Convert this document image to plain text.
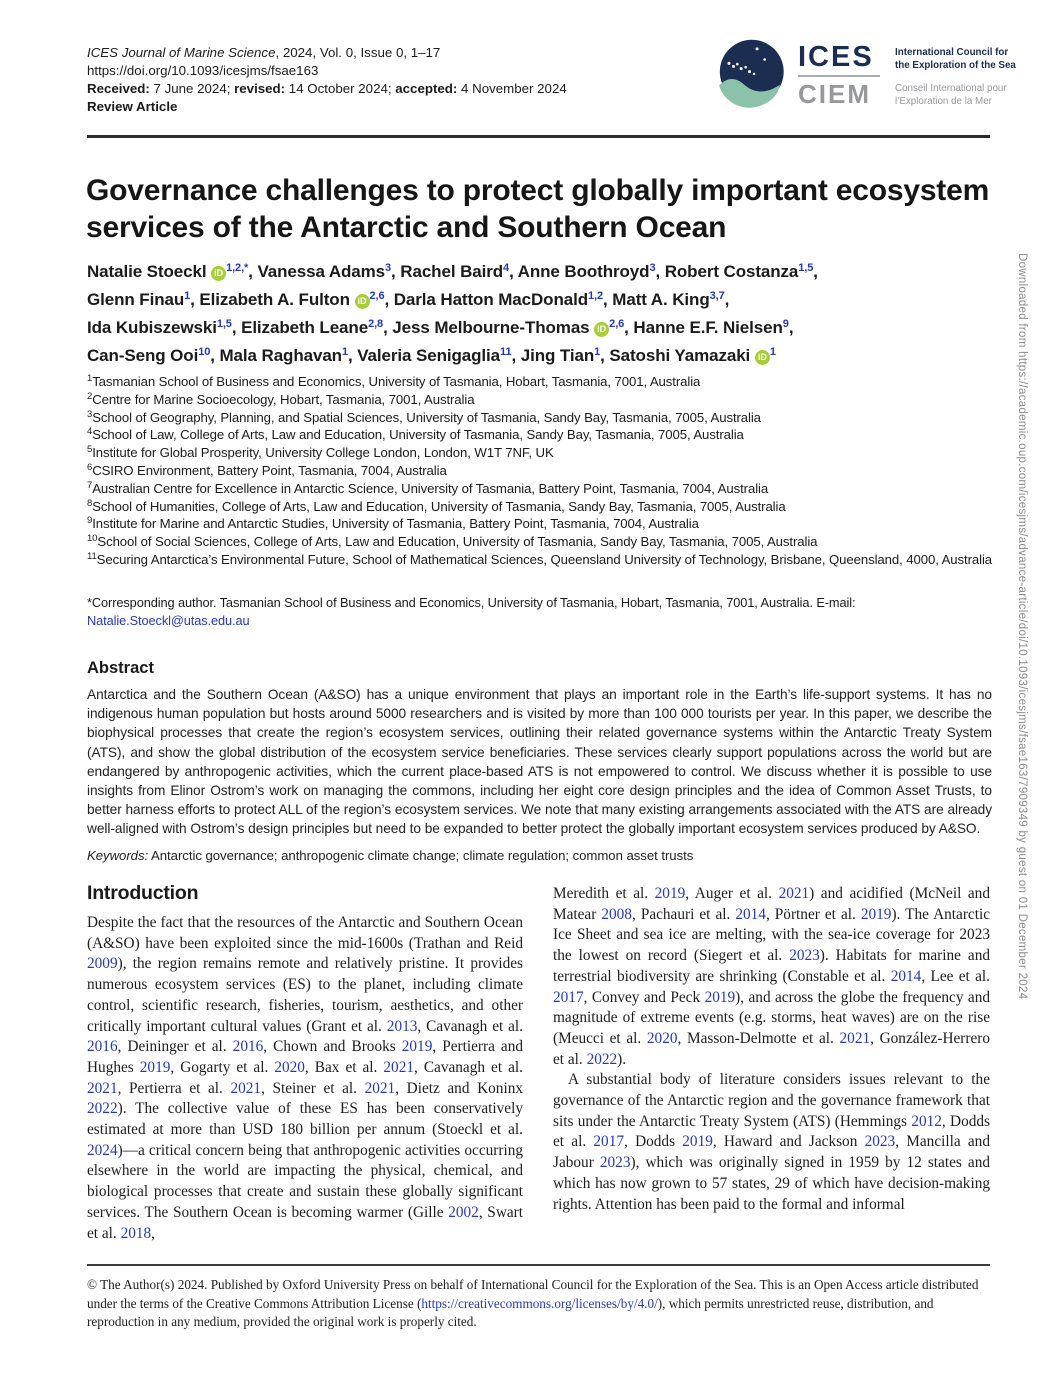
Downloaded from https://academic.oup.com/icesjms/advance-article/doi/10.1093/icesjms/fsae163/7909349 by guest on 01 December 2024
ICES Journal of Marine Science, 2024, Vol. 0, Issue 0, 1–17
https://doi.org/10.1093/icesjms/fsae163
Received: 7 June 2024; revised: 14 October 2024; accepted: 4 November 2024
Review Article
ICES
CIEM
International Council for
the Exploration of the Sea
Conseil International pour
l’Exploration de la Mer
Governance challenges to protect globally important ecosystem services of the Antarctic and Southern Ocean
Natalie Stoeckl iD $^{1,2,*}$, Vanessa Adams$^3$, Rachel Baird$^4$, Anne Boothroyd$^3$, Robert Costanza$^{1,5}$,
Glenn Finau$^1$, Elizabeth A. Fulton iD $^{2,6}$, Darla Hatton MacDonald$^{1,2}$, Matt A. King$^{3,7}$,
Ida Kubiszewski$^{1,5}$, Elizabeth Leane$^{2,8}$, Jess Melbourne-Thomas iD $^{2,6}$, Hanne E.F. Nielsen$^9$,
Can-Seng Ooi$^{10}$, Mala Raghavan$^1$, Valeria Senigaglia$^{11}$, Jing Tian$^1$, Satoshi Yamazaki iD $^1$
$^1$Tasmanian School of Business and Economics, University of Tasmania, Hobart, Tasmania, 7001, Australia
$^2$Centre for Marine Socioecology, Hobart, Tasmania, 7001, Australia
$^3$School of Geography, Planning, and Spatial Sciences, University of Tasmania, Sandy Bay, Tasmania, 7005, Australia
$^4$School of Law, College of Arts, Law and Education, University of Tasmania, Sandy Bay, Tasmania, 7005, Australia
$^5$Institute for Global Prosperity, University College London, London, W1T 7NF, UK
$^6$CSIRO Environment, Battery Point, Tasmania, 7004, Australia
$^7$Australian Centre for Excellence in Antarctic Science, University of Tasmania, Battery Point, Tasmania, 7004, Australia
$^8$School of Humanities, College of Arts, Law and Education, University of Tasmania, Sandy Bay, Tasmania, 7005, Australia
$^9$Institute for Marine and Antarctic Studies, University of Tasmania, Battery Point, Tasmania, 7004, Australia
$^{10}$School of Social Sciences, College of Arts, Law and Education, University of Tasmania, Sandy Bay, Tasmania, 7005, Australia
$^{11}$Securing Antarctica’s Environmental Future, School of Mathematical Sciences, Queensland University of Technology, Brisbane, Queensland, 4000, Australia
*Corresponding author. Tasmanian School of Business and Economics, University of Tasmania, Hobart, Tasmania, 7001, Australia. E-mail: Natalie.Stoeckl@utas.edu.au
Abstract

Antarctica and the Southern Ocean (A&SO) has a unique environment that plays an important role in the Earth’s life-support systems. It has no indigenous human population but hosts around 5000 researchers and is visited by more than 100 000 tourists per year. In this paper, we describe the biophysical processes that create the region’s ecosystem services, outlining their related governance systems within the Antarctic Treaty System (ATS), and show the global distribution of the ecosystem service beneficiaries. These services clearly support populations across the world but are endangered by anthropogenic activities, which the current place-based ATS is not empowered to control. We discuss whether it is possible to use insights from Elinor Ostrom’s work on managing the commons, including her eight core design principles and the idea of Common Asset Trusts, to better harness efforts to protect ALL of the region’s ecosystem services. We note that many existing arrangements associated with the ATS are already well-aligned with Ostrom’s design principles but need to be expanded to better protect the globally important ecosystem services produced by A&SO.

Keywords: Antarctic governance; anthropogenic climate change; climate regulation; common asset trusts

Introduction

Despite the fact that the resources of the Antarctic and Southern Ocean (A&SO) have been exploited since the mid-1600s (Trathan and Reid 2009), the region remains remote and relatively pristine. It provides numerous ecosystem services (ES) to the planet, including climate control, scientific research, fisheries, tourism, aesthetics, and other critically important cultural values (Grant et al. 2013, Cavanagh et al. 2016, Deininger et al. 2016, Chown and Brooks 2019, Pertierra and Hughes 2019, Gogarty et al. 2020, Bax et al. 2021, Cavanagh et al. 2021, Pertierra et al. 2021, Steiner et al. 2021, Dietz and Koninx 2022). The collective value of these ES has been conservatively estimated at more than USD 180 billion per annum (Stoeckl et al. 2024)—a critical concern being that anthropogenic activities occurring elsewhere in the world are impacting the physical, chemical, and biological processes that create and sustain these globally significant services. The Southern Ocean is becoming warmer (Gille 2002, Swart et al. 2018,

Meredith et al. 2019, Auger et al. 2021) and acidified (McNeil and Matear 2008, Pachauri et al. 2014, Pörtner et al. 2019). The Antarctic Ice Sheet and sea ice are melting, with the sea-ice coverage for 2023 the lowest on record (Siegert et al. 2023). Habitats for marine and terrestrial biodiversity are shrinking (Constable et al. 2014, Lee et al. 2017, Convey and Peck 2019), and across the globe the frequency and magnitude of extreme events (e.g. storms, heat waves) are on the rise (Meucci et al. 2020, Masson-Delmotte et al. 2021, González-Herrero et al. 2022).

A substantial body of literature considers issues relevant to the governance of the Antarctic region and the governance framework that sits under the Antarctic Treaty System (ATS) (Hemmings 2012, Dodds et al. 2017, Dodds 2019, Haward and Jackson 2023, Mancilla and Jabour 2023), which was originally signed in 1959 by 12 states and which has now grown to 57 states, 29 of which have decision-making rights. Attention has been paid to the formal and informal

© The Author(s) 2024. Published by Oxford University Press on behalf of International Council for the Exploration of the Sea. This is an Open Access article distributed under the terms of the Creative Commons Attribution License (https://creativecommons.org/licenses/by/4.0/), which permits unrestricted reuse, distribution, and reproduction in any medium, provided the original work is properly cited.
